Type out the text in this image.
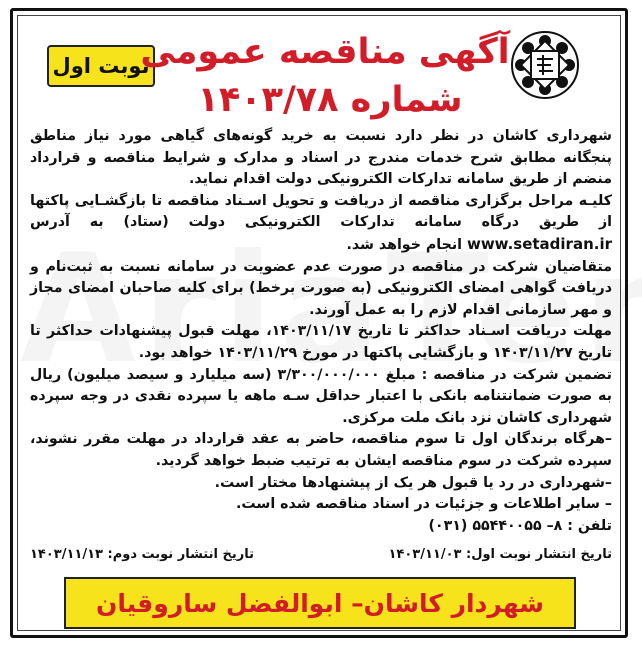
نوبت اول
آگهی مناقصه عمومی
شماره ۱۴۰۳/۷۸

شهرداری کاشان در نظر دارد نسبت به خرید گونه‌های گیاهی مورد نیاز مناطق پنجگانه مطابق شرح خدمات مندرج در اسناد و مدارک و شرایط مناقصه و قرارداد منضم از طریق سامانه تدارکات الکترونیکی دولت اقدام نماید.

کلیـه مراحل برگزاری مناقصه از دریافت و تحویل اسـناد مناقصه تا بازگشـایی پاکتها از طریق درگاه سامانه تدارکات الکترونیکی دولت (ستاد) به آدرس www.setadiran.ir انجام خواهد شد.

متقاضیان شرکت در مناقصه در صورت عدم عضویت در سامانه نسبت به ثبت‌نام و دریافت گواهی امضای الکترونیکی (به صورت برخط) برای کلیه صاحبان امضای مجاز و مهر سازمانی اقدام لازم را به عمل آورند.

مهلت دریافت اسـناد حداکثر تا تاریخ ۱۴۰۳/۱۱/۱۷، مهلت قبول پیشنهادات حداکثر تا تاریخ ۱۴۰۳/۱۱/۲۷ و بازگشایی پاکتها در مورخ ۱۴۰۳/۱۱/۲۹ خواهد بود.

تضمین شرکت در مناقصه : مبلغ ۳/۳۰۰/۰۰۰/۰۰۰ (سه میلیارد و سیصد میلیون) ریال به صورت ضمانتنامه بانکی با اعتبار حداقل سـه ماهه یا سپرده نقدی در وجه سپرده شهرداری کاشان نزد بانک ملت مرکزی.

–هرگاه برندگان اول تا سوم مناقصه، حاضر به عقد قرارداد در مهلت مقرر نشوند، سپرده شرکت در سوم مناقصه ایشان به ترتیب ضبط خواهد گردید.

–شهرداری در رد یا قبول هر یک از پیشنهادها مختار است.

– سایر اطلاعات و جزئیات در اسناد مناقصه شده است.

تلفن : ۸– ۵۵۴۴۰۰۵۵ (۰۳۱)

تاریخ انتشار نوبت اول: ۱۴۰۳/۱۱/۰۳
تاریخ انتشار نوبت دوم: ۱۴۰۳/۱۱/۱۳
شهردار کاشان– ابوالفضل ساروقیان
